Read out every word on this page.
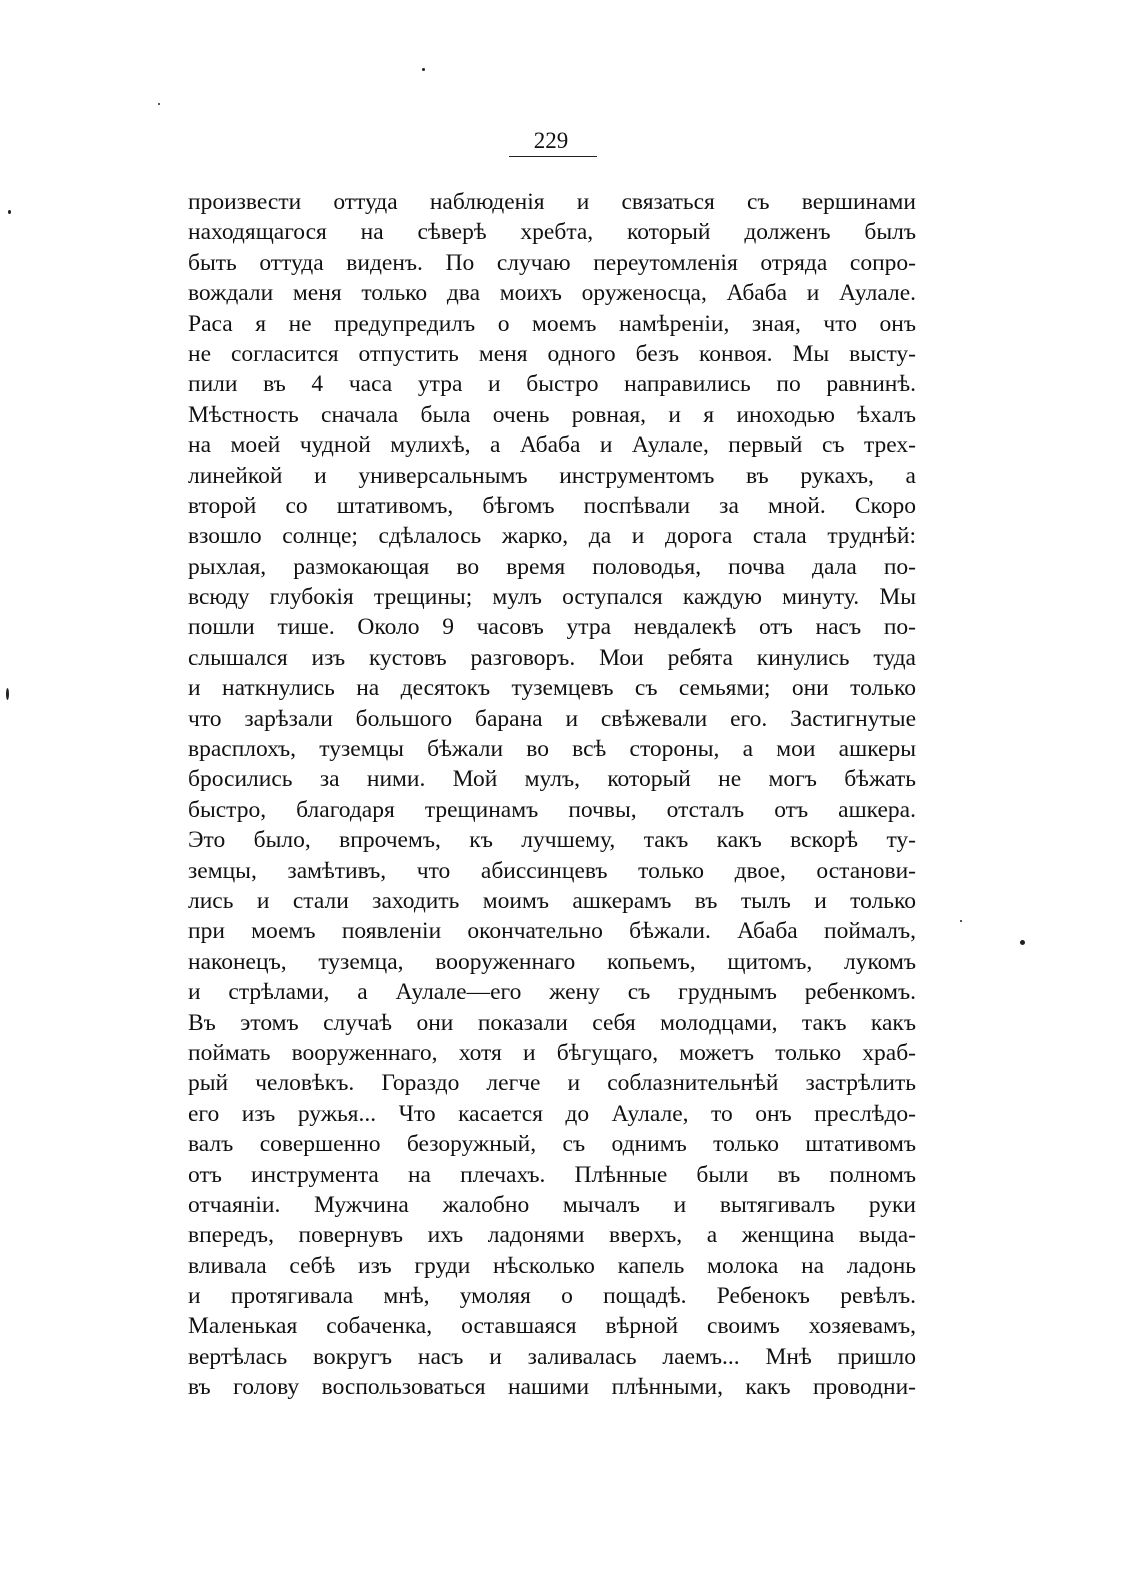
229
произвести оттуда наблюденія и связаться съ вершинами
находящагося на сѣверѣ хребта, который долженъ былъ
быть оттуда виденъ. По случаю переутомленія отряда сопро-
вождали меня только два моихъ оруженосца, Абаба и Аулале.
Раса я не предупредилъ о моемъ намѣреніи, зная, что онъ
не согласится отпустить меня одного безъ конвоя. Мы высту-
пили въ 4 часа утра и быстро направились по равнинѣ.
Мѣстность сначала была очень ровная, и я иноходью ѣхалъ
на моей чудной мулихѣ, а Абаба и Аулале, первый съ трех-
линейкой и универсальнымъ инструментомъ въ рукахъ, а
второй со штативомъ, бѣгомъ поспѣвали за мной. Скоро
взошло солнце; сдѣлалось жарко, да и дорога стала труднѣй:
рыхлая, размокающая во время половодья, почва дала по-
всюду глубокія трещины; мулъ оступался каждую минуту. Мы
пошли тише. Около 9 часовъ утра невдалекѣ отъ насъ по-
слышался изъ кустовъ разговоръ. Мои ребята кинулись туда
и наткнулись на десятокъ туземцевъ съ семьями; они только
что зарѣзали большого барана и свѣжевали его. Застигнутые
врасплохъ, туземцы бѣжали во всѣ стороны, а мои ашкеры
бросились за ними. Мой мулъ, который не могъ бѣжать
быстро, благодаря трещинамъ почвы, отсталъ отъ ашкера.
Это было, впрочемъ, къ лучшему, такъ какъ вскорѣ ту-
земцы, замѣтивъ, что абиссинцевъ только двое, останови-
лись и стали заходить моимъ ашкерамъ въ тылъ и только
при моемъ появленіи окончательно бѣжали. Абаба поймалъ,
наконецъ, туземца, вооруженнаго копьемъ, щитомъ, лукомъ
и стрѣлами, а Аулале—его жену съ груднымъ ребенкомъ.
Въ этомъ случаѣ они показали себя молодцами, такъ какъ
поймать вооруженнаго, хотя и бѣгущаго, можетъ только храб-
рый человѣкъ. Гораздо легче и соблазнительнѣй застрѣлить
его изъ ружья... Что касается до Аулале, то онъ преслѣдо-
валъ совершенно безоружный, съ однимъ только штативомъ
отъ инструмента на плечахъ. Плѣнные были въ полномъ
отчаяніи. Мужчина жалобно мычалъ и вытягивалъ руки
впередъ, повернувъ ихъ ладонями вверхъ, а женщина выда-
вливала себѣ изъ груди нѣсколько капель молока на ладонь
и протягивала мнѣ, умоляя о пощадѣ. Ребенокъ ревѣлъ.
Маленькая собаченка, оставшаяся вѣрной своимъ хозяевамъ,
вертѣлась вокругъ насъ и заливалась лаемъ... Мнѣ пришло
въ голову воспользоваться нашими плѣнными, какъ проводни-
